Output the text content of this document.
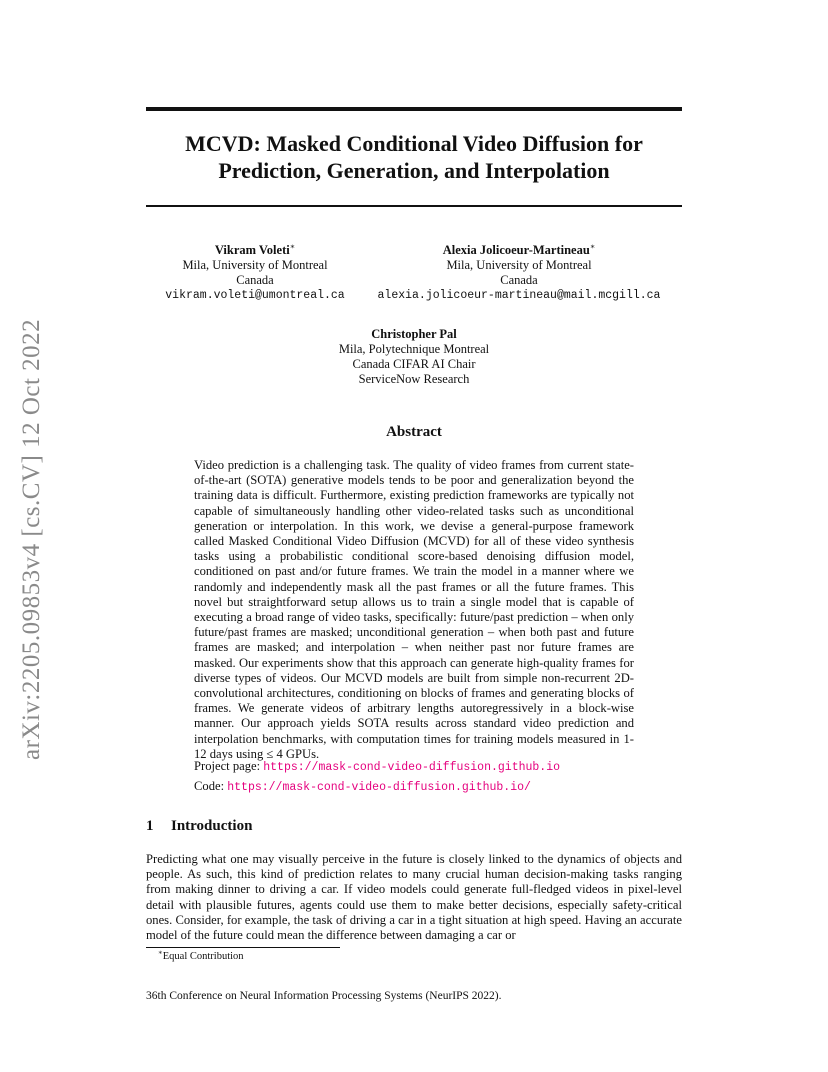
arXiv:2205.09853v4 [cs.CV] 12 Oct 2022
MCVD: Masked Conditional Video Diffusion for
Prediction, Generation, and Interpolation
Vikram Voleti∗
Mila, University of Montreal
Canada
vikram.voleti@umontreal.ca
Alexia Jolicoeur-Martineau∗
Mila, University of Montreal
Canada
alexia.jolicoeur-martineau@mail.mcgill.ca
Christopher Pal
Mila, Polytechnique Montreal
Canada CIFAR AI Chair
ServiceNow Research
Abstract
Video prediction is a challenging task. The quality of video frames from current state-of-the-art (SOTA) generative models tends to be poor and generalization beyond the training data is difficult. Furthermore, existing prediction frameworks are typically not capable of simultaneously handling other video-related tasks such as unconditional generation or interpolation. In this work, we devise a general-purpose framework called Masked Conditional Video Diffusion (MCVD) for all of these video synthesis tasks using a probabilistic conditional score-based denoising diffusion model, conditioned on past and/or future frames. We train the model in a manner where we randomly and independently mask all the past frames or all the future frames. This novel but straightforward setup allows us to train a single model that is capable of executing a broad range of video tasks, specifically: future/past prediction – when only future/past frames are masked; unconditional generation – when both past and future frames are masked; and interpolation – when neither past nor future frames are masked. Our experiments show that this approach can generate high-quality frames for diverse types of videos. Our MCVD models are built from simple non-recurrent 2D-convolutional architectures, conditioning on blocks of frames and generating blocks of frames. We generate videos of arbitrary lengths autoregressively in a block-wise manner. Our approach yields SOTA results across standard video prediction and interpolation benchmarks, with computation times for training models measured in 1-12 days using ≤ 4 GPUs.
Project page: https://mask-cond-video-diffusion.github.io
Code: https://mask-cond-video-diffusion.github.io/
1 Introduction
Predicting what one may visually perceive in the future is closely linked to the dynamics of objects and people. As such, this kind of prediction relates to many crucial human decision-making tasks ranging from making dinner to driving a car. If video models could generate full-fledged videos in pixel-level detail with plausible futures, agents could use them to make better decisions, especially safety-critical ones. Consider, for example, the task of driving a car in a tight situation at high speed. Having an accurate model of the future could mean the difference between damaging a car or
∗Equal Contribution
36th Conference on Neural Information Processing Systems (NeurIPS 2022).
